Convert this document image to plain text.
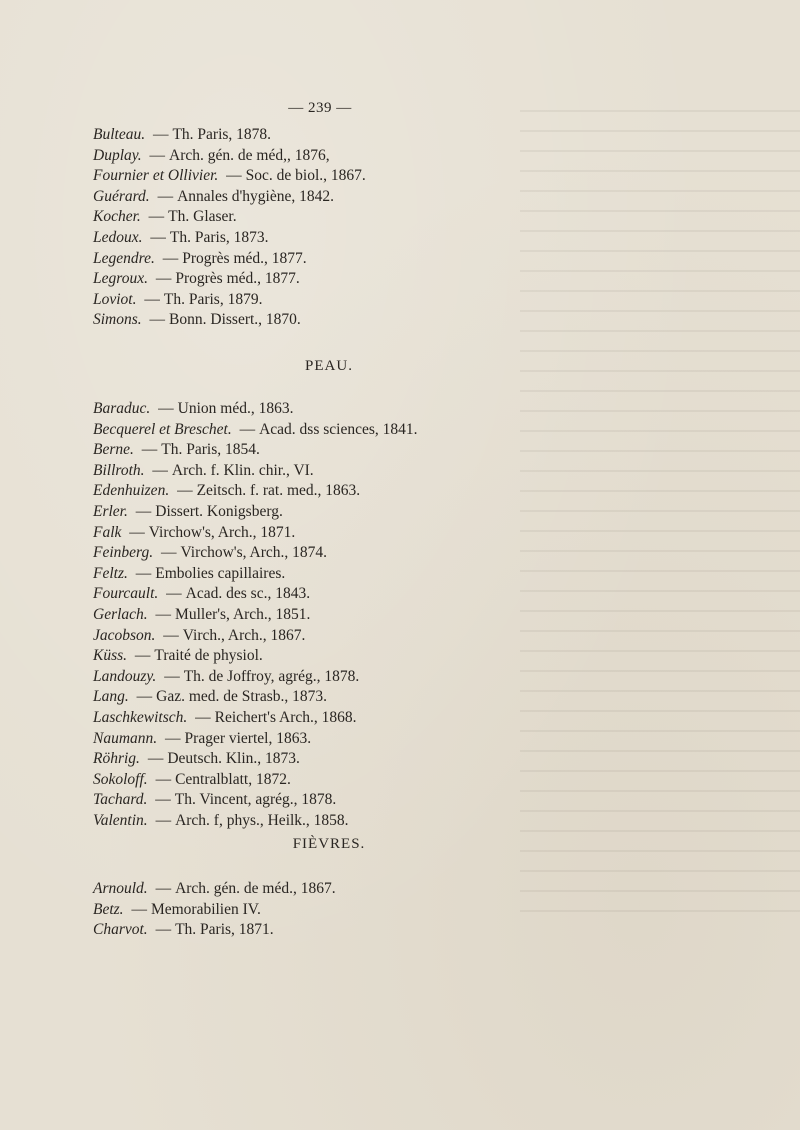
— 239 —
Bulteau. — Th. Paris, 1878.
Duplay. — Arch. gén. de méd,, 1876,
Fournier et Ollivier. — Soc. de biol., 1867.
Guérard. — Annales d'hygiène, 1842.
Kocher. — Th. Glaser.
Ledoux. — Th. Paris, 1873.
Legendre. — Progrès méd., 1877.
Legroux. — Progrès méd., 1877.
Loviot. — Th. Paris, 1879.
Simons. — Bonn. Dissert., 1870.
PEAU.
Baraduc. — Union méd., 1863.
Becquerel et Breschet. — Acad. dss sciences, 1841.
Berne. — Th. Paris, 1854.
Billroth. — Arch. f. Klin. chir., VI.
Edenhuizen. — Zeitsch. f. rat. med., 1863.
Erler. — Dissert. Konigsberg.
Falk — Virchow's, Arch., 1871.
Feinberg. — Virchow's, Arch., 1874.
Feltz. — Embolies capillaires.
Fourcault. — Acad. des sc., 1843.
Gerlach. — Muller's, Arch., 1851.
Jacobson. — Virch., Arch., 1867.
Küss. — Traité de physiol.
Landouzy. — Th. de Joffroy, agrég., 1878.
Lang. — Gaz. med. de Strasb., 1873.
Laschkewitsch. — Reichert's Arch., 1868.
Naumann. — Prager viertel, 1863.
Röhrig. — Deutsch. Klin., 1873.
Sokoloff. — Centralblatt, 1872.
Tachard. — Th. Vincent, agrég., 1878.
Valentin. — Arch. f, phys., Heilk., 1858.
FIÈVRES.
Arnould. — Arch. gén. de méd., 1867.
Betz. — Memorabilien IV.
Charvot. — Th. Paris, 1871.
